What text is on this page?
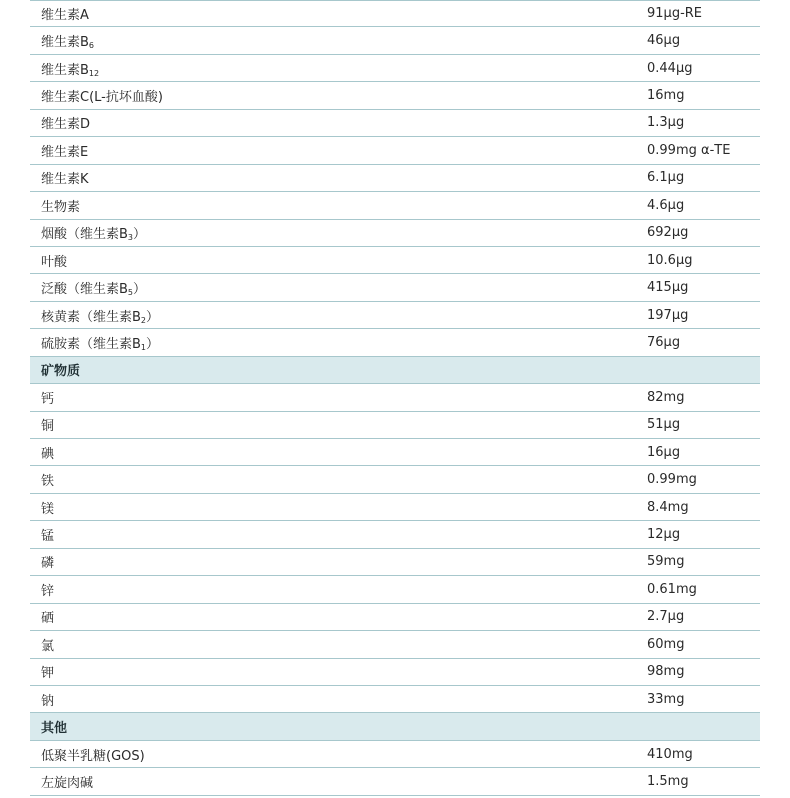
维生素A	91μg-RE
维生素$B_6$	46μg
维生素$B_{12}$	0.44μg
维生素C(L-抗坏血酸)	16mg
维生素D	1.3μg
维生素E	0.99mg α-TE
维生素K	6.1μg
生物素	4.6μg
烟酸（维生素$B_3$）	692μg
叶酸	10.6μg
泛酸（维生素$B_5$）	415μg
核黄素（维生素$B_2$）	197μg
硫胺素（维生素$B_1$）	76μg
矿物质
钙	82mg
铜	51μg
碘	16μg
铁	0.99mg
镁	8.4mg
锰	12μg
磷	59mg
锌	0.61mg
硒	2.7μg
氯	60mg
钾	98mg
钠	33mg
其他
低聚半乳糖(GOS)	410mg
左旋肉碱	1.5mg
